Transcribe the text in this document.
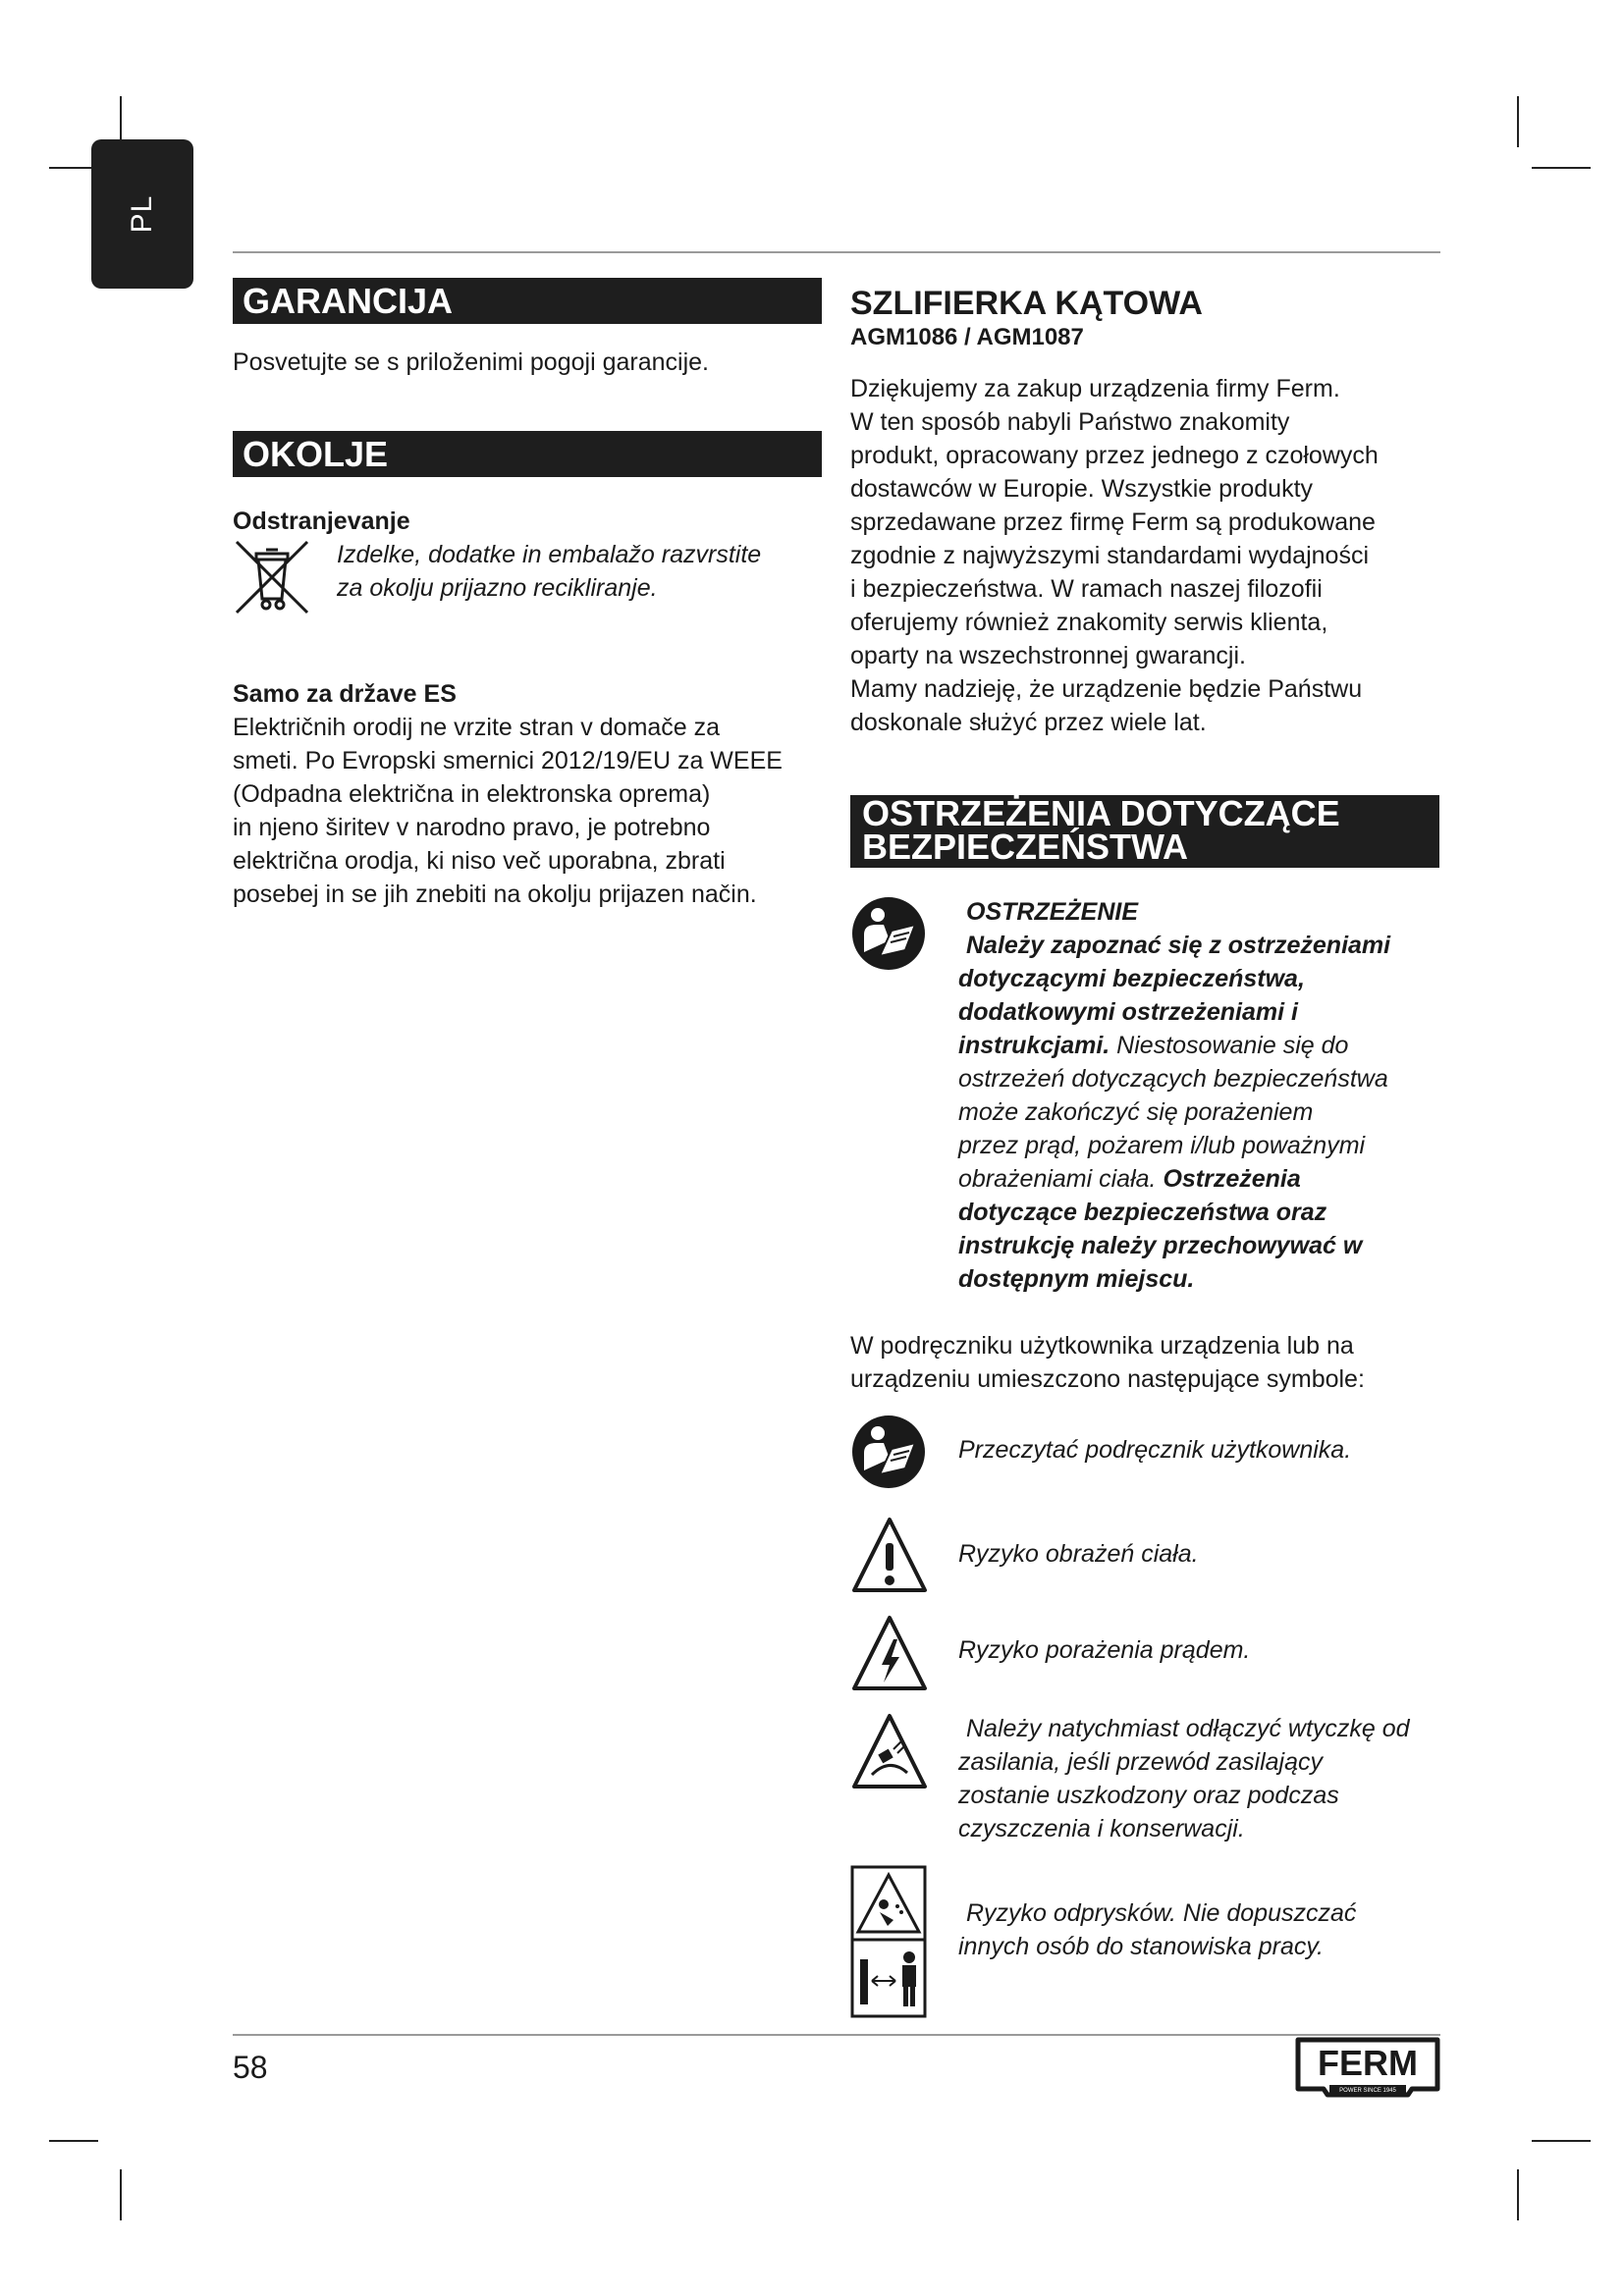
PL
GARANCIJA

Posvetujte se s priloženimi pogoji garancije.

OKOLJE

Odstranjevanje

Izdelke, dodatke in embalažo razvrstite

za okolju prijazno recikliranje.

Samo za države ES

Električnih orodij ne vrzite stran v domače za

smeti. Po Evropski smernici 2012/19/EU za WEEE

(Odpadna električna in elektronska oprema)

in njeno širitev v narodno pravo, je potrebno

električna orodja, ki niso več uporabna, zbrati

posebej in se jih znebiti na okolju prijazen način.

SZLIFIERKA KĄTOWA

AGM1086 / AGM1087

Dziękujemy za zakup urządzenia firmy Ferm.

W ten sposób nabyli Państwo znakomity

produkt, opracowany przez jednego z czołowych

dostawców w Europie. Wszystkie produkty

sprzedawane przez firmę Ferm są produkowane

zgodnie z najwyższymi standardami wydajności

i bezpieczeństwa. W ramach naszej filozofii

oferujemy również znakomity serwis klienta,

oparty na wszechstronnej gwarancji.

Mamy nadzieję, że urządzenie będzie Państwu

doskonale służyć przez wiele lat.

OSTRZEŻENIA DOTYCZĄCE
BEZPIECZEŃSTWA

OSTRZEŻENIE

Należy zapoznać się z ostrzeżeniami

dotyczącymi bezpieczeństwa,

dodatkowymi ostrzeżeniami i

instrukcjami. Niestosowanie się do

ostrzeżeń dotyczących bezpieczeństwa

może zakończyć się porażeniem

przez prąd, pożarem i/lub poważnymi

obrażeniami ciała. Ostrzeżenia

dotyczące bezpieczeństwa oraz

instrukcję należy przechowywać w

dostępnym miejscu.

W podręczniku użytkownika urządzenia lub na

urządzeniu umieszczono następujące symbole:

Przeczytać podręcznik użytkownika.

Ryzyko obrażeń ciała.

Ryzyko porażenia prądem.

Należy natychmiast odłączyć wtyczkę od

zasilania, jeśli przewód zasilający

zostanie uszkodzony oraz podczas

czyszczenia i konserwacji.

Ryzyko odprysków. Nie dopuszczać

innych osób do stanowiska pracy.

58	FERM
POWER SINCE 1945
